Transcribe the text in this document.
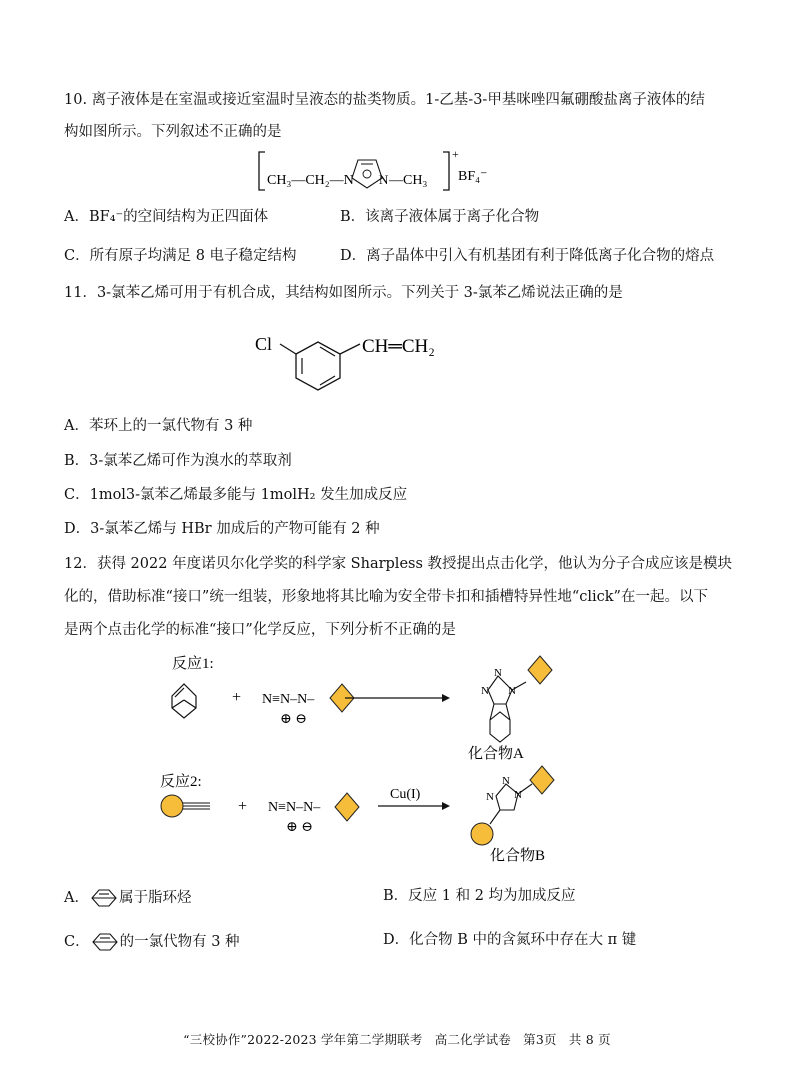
10. 离子液体是在室温或接近室温时呈液态的盐类物质。1-乙基-3-甲基咪唑四氟硼酸盐离子液体的结
构如图所示。下列叙述不正确的是
CH₃—CH₂—N N —CH₃
+
BF₄⁻
A．BF₄⁻的空间结构为正四面体	B．该离子液体属于离子化合物
C．所有原子均满足 8 电子稳定结构	D．离子晶体中引入有机基团有利于降低离子化合物的熔点
11．3-氯苯乙烯可用于有机合成，其结构如图所示。下列关于 3-氯苯乙烯说法正确的是
Cl	CH═CH₂
A．苯环上的一氯代物有 3 种
B．3-氯苯乙烯可作为溴水的萃取剂
C．1mol3-氯苯乙烯最多能与 1molH₂ 发生加成反应
D．3-氯苯乙烯与 HBr 加成后的产物可能有 2 种
12．获得 2022 年度诺贝尔化学奖的科学家 Sharpless 教授提出点击化学，他认为分子合成应该是模块
化的，借助标准“接口”统一组装，形象地将其比喻为安全带卡扣和插槽特异性地“click”在一起。以下
是两个点击化学的标准“接口”化学反应，下列分析不正确的是
反应1:
+ N≡N–N–
⊕ ⊖
N
N
N
化合物A
反应2:
+ N≡N–N–
⊕ ⊖
Cu(I)	N
N
N
化合物B
A． 属于脂环烃	B．反应 1 和 2 均为加成反应
C． 的一氯代物有 3 种	D．化合物 B 中的含氮环中存在大 π 键
“三校协作”2022-2023 学年第二学期联考 高二化学试卷 第3页 共 8 页
